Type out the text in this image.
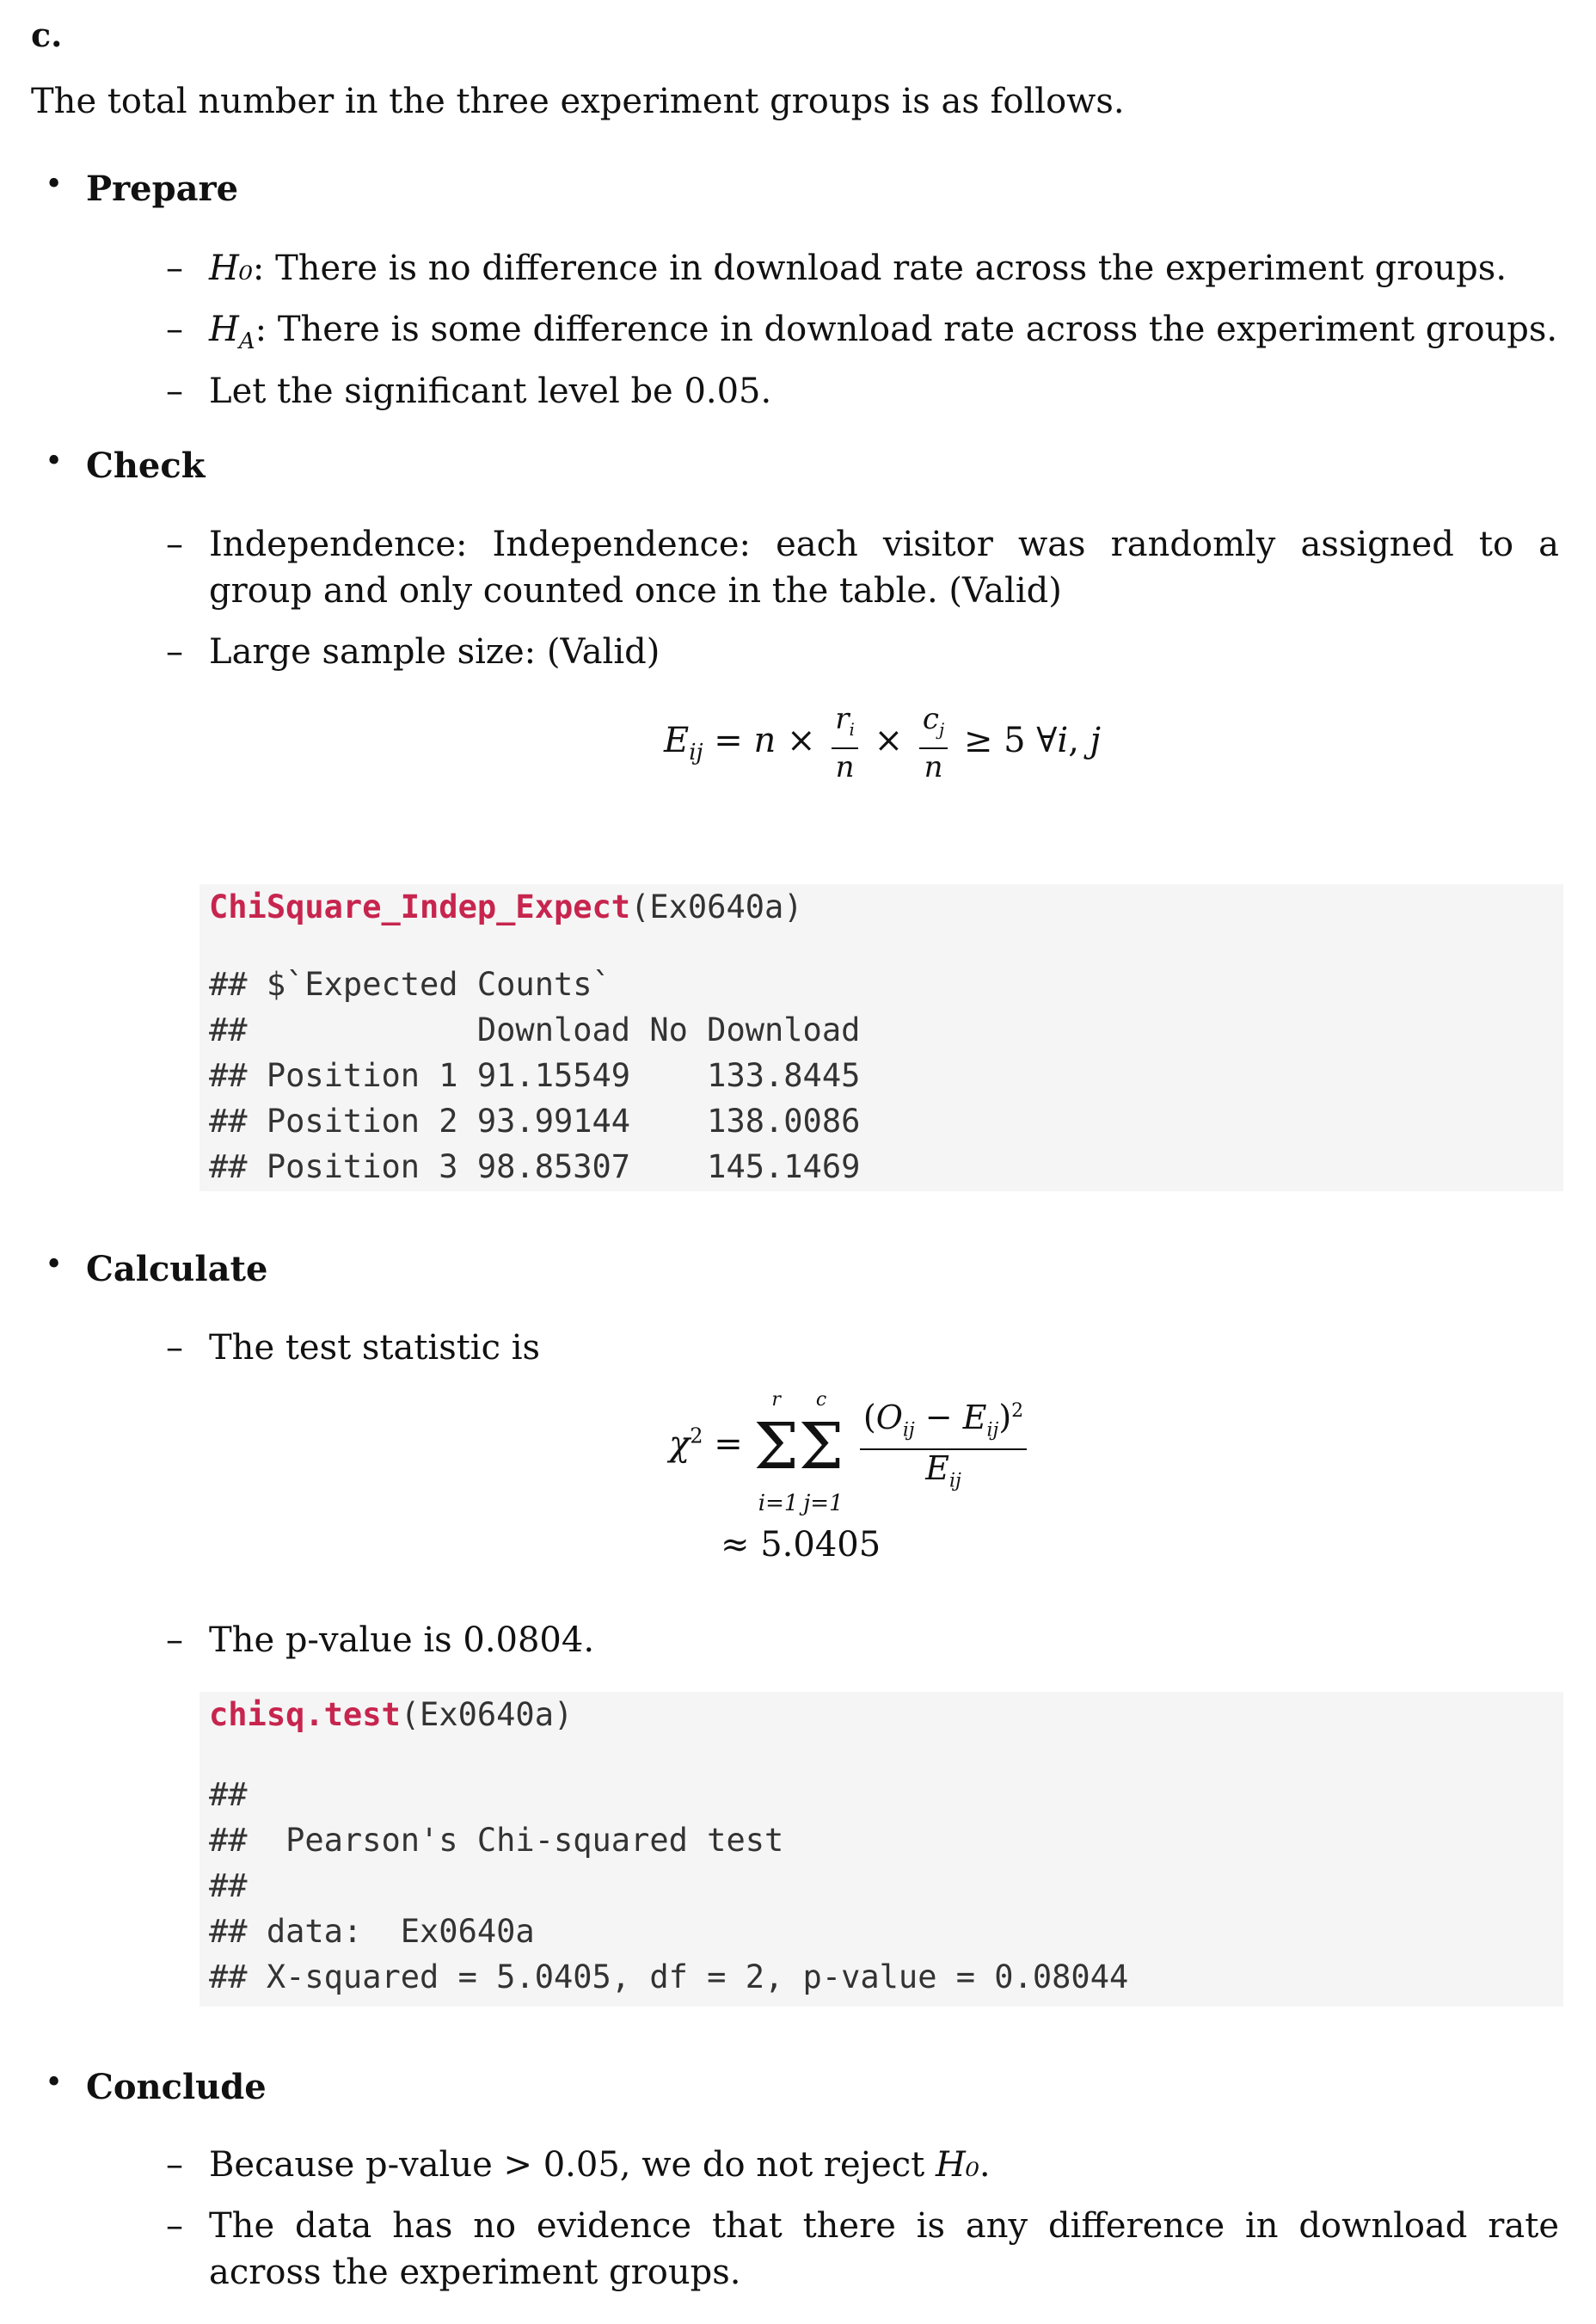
c.
The total number in the three experiment groups is as follows.
• Prepare
– H₀: There is no difference in download rate across the experiment groups.
– $H_A$: There is some difference in download rate across the experiment groups.
– Let the significant level be 0.05.
• Check
– Independence: Independence: each visitor was randomly assigned to a group and only counted once in the table. (Valid)
– Large sample size: (Valid)
$E_{ij} = n \times \frac{r_i}{n} \times \frac{c_j}{n} \ge 5$ ∀i, j
ChiSquare_Indep_Expect(Ex0640a)
## $`Expected Counts`
##            Download No Download
## Position 1 91.15549    133.8445
## Position 2 93.99144    138.0086
## Position 3 98.85307    145.1469
• Calculate
– The test statistic is
$\chi^2$ =
r
Σ
i=1
c
Σ
j=1

$\frac{(O_{ij} - E_{ij})^2}{E_{ij}}$
≈ 5.0405
– The p-value is 0.0804.
chisq.test(Ex0640a)
##
##  Pearson's Chi-squared test
##
## data:  Ex0640a
## X-squared = 5.0405, df = 2, p-value = 0.08044
• Conclude
– Because p-value > 0.05, we do not reject H₀.
– The data has no evidence that there is any difference in download rate across the experiment groups.
